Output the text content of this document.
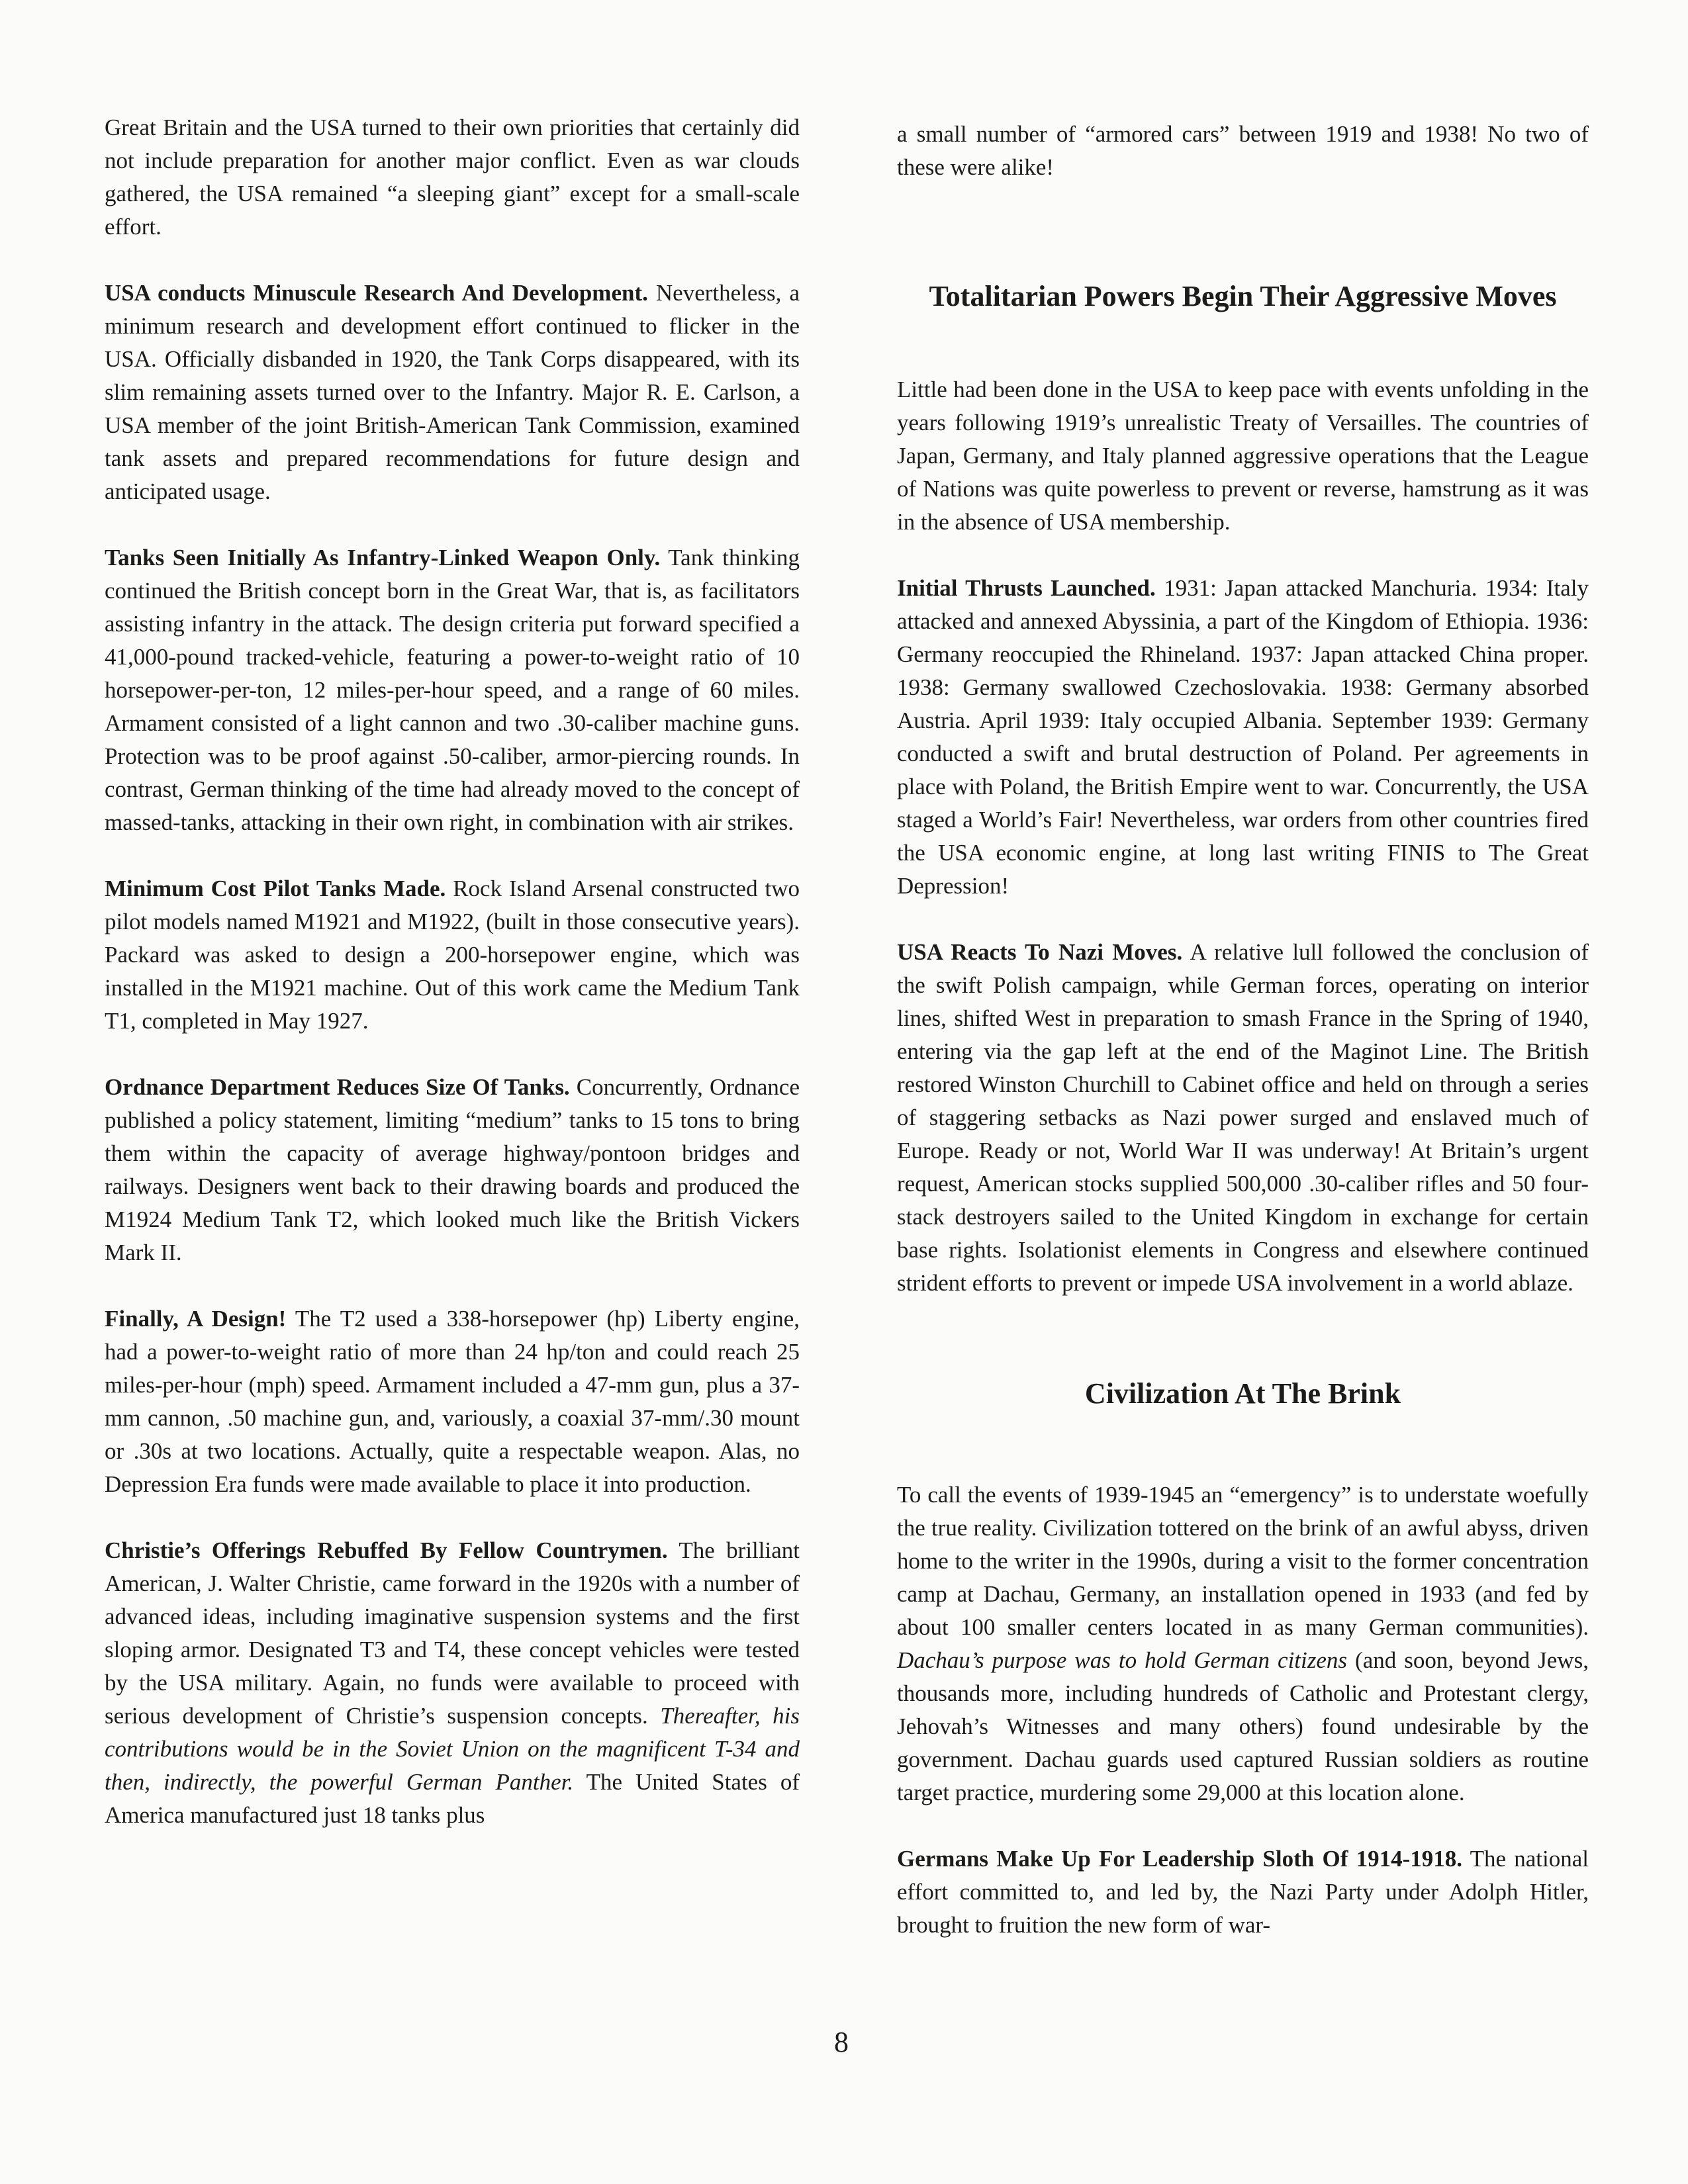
Great Britain and the USA turned to their own priorities that certainly did not include preparation for another major conflict. Even as war clouds gathered, the USA remained “a sleeping giant” except for a small-scale effort.

USA conducts Minuscule Research And Development. Nevertheless, a minimum research and development effort continued to flicker in the USA. Officially disbanded in 1920, the Tank Corps disappeared, with its slim remaining assets turned over to the Infantry. Major R. E. Carlson, a USA member of the joint British-American Tank Commission, examined tank assets and prepared recommendations for future design and anticipated usage.

Tanks Seen Initially As Infantry-Linked Weapon Only. Tank thinking continued the British concept born in the Great War, that is, as facilitators assisting infantry in the attack. The design criteria put forward specified a 41,000-pound tracked-vehicle, featuring a power-to-weight ratio of 10 horsepower-per-ton, 12 miles-per-hour speed, and a range of 60 miles. Armament consisted of a light cannon and two .30-caliber machine guns. Protection was to be proof against .50-caliber, armor-piercing rounds. In contrast, German thinking of the time had already moved to the concept of massed-tanks, attacking in their own right, in combination with air strikes.

Minimum Cost Pilot Tanks Made. Rock Island Arsenal constructed two pilot models named M1921 and M1922, (built in those consecutive years). Packard was asked to design a 200-horsepower engine, which was installed in the M1921 machine. Out of this work came the Medium Tank T1, completed in May 1927.

Ordnance Department Reduces Size Of Tanks. Concurrently, Ordnance published a policy statement, limiting “medium” tanks to 15 tons to bring them within the capacity of average highway/pontoon bridges and railways. Designers went back to their drawing boards and produced the M1924 Medium Tank T2, which looked much like the British Vickers Mark II.

Finally, A Design! The T2 used a 338-horsepower (hp) Liberty engine, had a power-to-weight ratio of more than 24 hp/ton and could reach 25 miles-per-hour (mph) speed. Armament included a 47-mm gun, plus a 37-mm cannon, .50 machine gun, and, variously, a coaxial 37-mm/.30 mount or .30s at two locations. Actually, quite a respectable weapon. Alas, no Depression Era funds were made available to place it into production.

Christie’s Offerings Rebuffed By Fellow Countrymen. The brilliant American, J. Walter Christie, came forward in the 1920s with a number of advanced ideas, including imaginative suspension systems and the first sloping armor. Designated T3 and T4, these concept vehicles were tested by the USA military. Again, no funds were available to proceed with serious development of Christie’s suspension concepts. Thereafter, his contributions would be in the Soviet Union on the magnificent T-34 and then, indirectly, the powerful German Panther. The United States of America manufactured just 18 tanks plus

a small number of “armored cars” between 1919 and 1938! No two of these were alike!

Totalitarian Powers Begin Their Aggressive Moves

Little had been done in the USA to keep pace with events unfolding in the years following 1919’s unrealistic Treaty of Versailles. The countries of Japan, Germany, and Italy planned aggressive operations that the League of Nations was quite powerless to prevent or reverse, hamstrung as it was in the absence of USA membership.

Initial Thrusts Launched. 1931: Japan attacked Manchuria. 1934: Italy attacked and annexed Abyssinia, a part of the Kingdom of Ethiopia. 1936: Germany reoccupied the Rhineland. 1937: Japan attacked China proper. 1938: Germany swallowed Czechoslovakia. 1938: Germany absorbed Austria. April 1939: Italy occupied Albania. September 1939: Germany conducted a swift and brutal destruction of Poland. Per agreements in place with Poland, the British Empire went to war. Concurrently, the USA staged a World’s Fair! Nevertheless, war orders from other countries fired the USA economic engine, at long last writing FINIS to The Great Depression!

USA Reacts To Nazi Moves. A relative lull followed the conclusion of the swift Polish campaign, while German forces, operating on interior lines, shifted West in preparation to smash France in the Spring of 1940, entering via the gap left at the end of the Maginot Line. The British restored Winston Churchill to Cabinet office and held on through a series of staggering setbacks as Nazi power surged and enslaved much of Europe. Ready or not, World War II was underway! At Britain’s urgent request, American stocks supplied 500,000 .30-caliber rifles and 50 four-stack destroyers sailed to the United Kingdom in exchange for certain base rights. Isolationist elements in Congress and elsewhere continued strident efforts to prevent or impede USA involvement in a world ablaze.

Civilization At The Brink

To call the events of 1939-1945 an “emergency” is to understate woefully the true reality. Civilization tottered on the brink of an awful abyss, driven home to the writer in the 1990s, during a visit to the former concentration camp at Dachau, Germany, an installation opened in 1933 (and fed by about 100 smaller centers located in as many German communities). Dachau’s purpose was to hold German citizens (and soon, beyond Jews, thousands more, including hundreds of Catholic and Protestant clergy, Jehovah’s Witnesses and many others) found undesirable by the government. Dachau guards used captured Russian soldiers as routine target practice, murdering some 29,000 at this location alone.

Germans Make Up For Leadership Sloth Of 1914-1918. The national effort committed to, and led by, the Nazi Party under Adolph Hitler, brought to fruition the new form of war-

8
